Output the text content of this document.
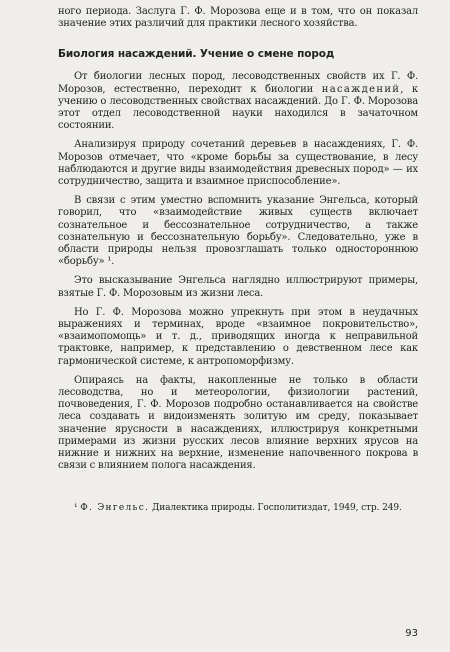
ного периода. Заслуга Г. Ф. Морозова еще и в том, что он показал значение этих различий для практики лесного хозяйства.

Биология насаждений. Учение о смене пород

От биологии лесных пород, лесоводственных свойств их Г. Ф. Морозов, естественно, переходит к биологии насаждений, к учению о лесоводственных свойствах насаждений. До Г. Ф. Морозова этот отдел лесоводственной науки находился в зачаточном состоянии.

Анализируя природу сочетаний деревьев в насаждениях, Г. Ф. Морозов отмечает, что «кроме борьбы за существование, в лесу наблюдаются и другие виды взаимодействия древесных пород» — их сотрудничество, защита и взаимное приспособление».

В связи с этим уместно вспомнить указание Энгельса, который говорил, что «взаимодействие живых существ включает сознательное и бессознательное сотрудничество, а также сознательную и бессознательную борьбу». Следовательно, уже в области природы нельзя провозглашать только одностороннюю «борьбу» ¹.

Это высказывание Энгельса наглядно иллюстрируют примеры, взятые Г. Ф. Морозовым из жизни леса.

Но Г. Ф. Морозова можно упрекнуть при этом в неудачных выражениях и терминах, вроде «взаимное покровительство», «взаимопомощь» и т. д., приводящих иногда к неправильной трактовке, например, к представлению о девственном лесе как гармонической системе, к антропоморфизму.

Опираясь на факты, накопленные не только в области лесоводства, но и метеорологии, физиологии растений, почвоведения, Г. Ф. Морозов подробно останавливается на свойстве леса создавать и видоизменять золитую им среду, показывает значение ярусности в насаждениях, иллюстрируя конкретными примерами из жизни русских лесов влияние верхних ярусов на нижние и нижних на верхние, изменение напочвенного покрова в связи с влиянием полога насаждения.

¹ Ф. Энгельс. Диалектика природы. Госполитиздат, 1949, стр. 249.

93
